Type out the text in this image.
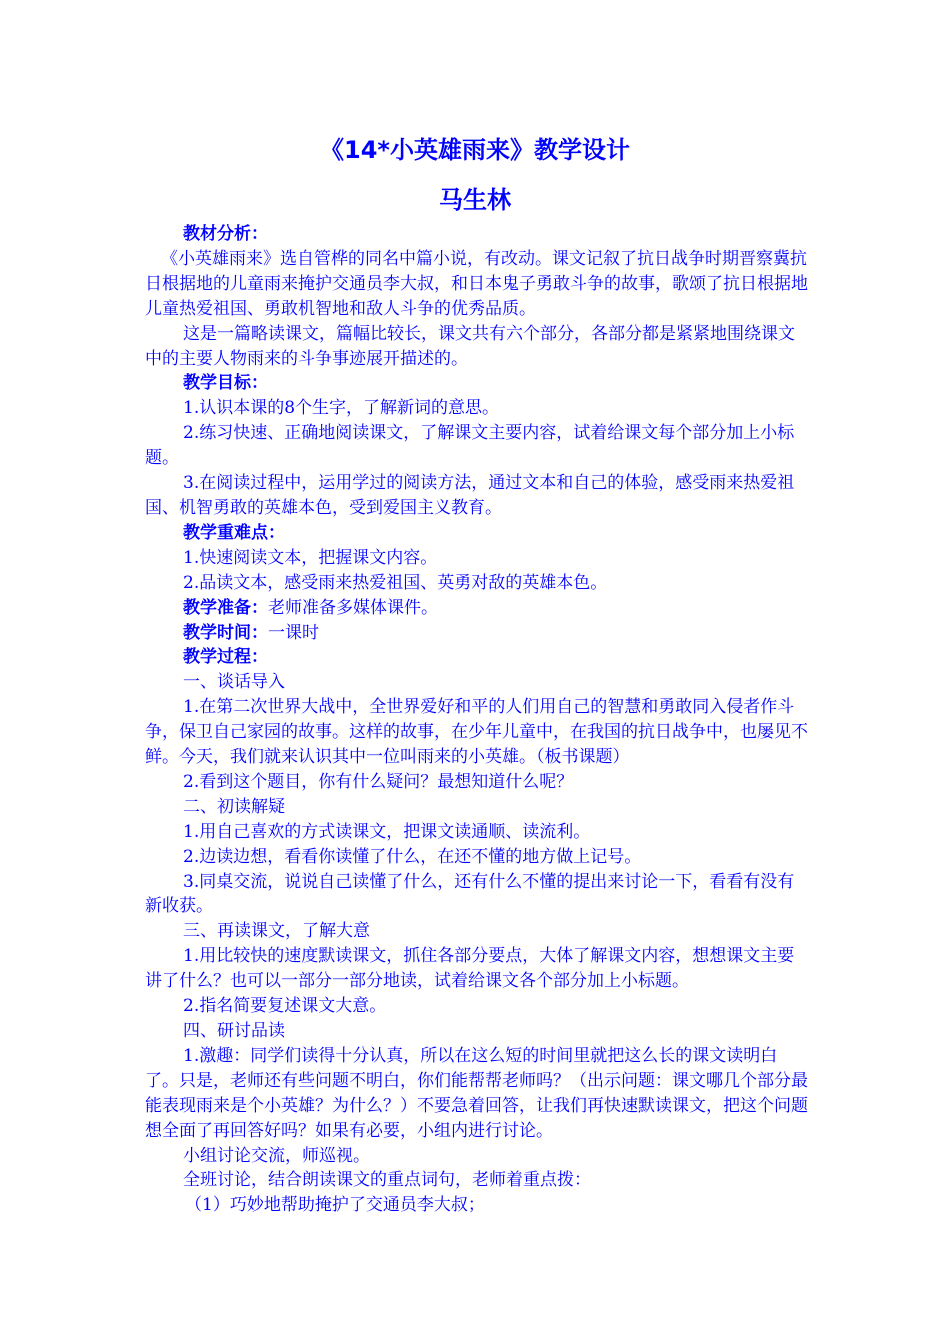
《14*小英雄雨来》教学设计
马生林

教材分析：

《小英雄雨来》选自管桦的同名中篇小说，有改动。课文记叙了抗日战争时期晋察冀抗日根据地的儿童雨来掩护交通员李大叔，和日本鬼子勇敢斗争的故事，歌颂了抗日根据地儿童热爱祖国、勇敢机智地和敌人斗争的优秀品质。

这是一篇略读课文，篇幅比较长，课文共有六个部分，各部分都是紧紧地围绕课文中的主要人物雨来的斗争事迹展开描述的。

教学目标：

1.认识本课的8个生字，了解新词的意思。

2.练习快速、正确地阅读课文，了解课文主要内容，试着给课文每个部分加上小标题。

3.在阅读过程中，运用学过的阅读方法，通过文本和自己的体验，感受雨来热爱祖国、机智勇敢的英雄本色，受到爱国主义教育。

教学重难点：

1.快速阅读文本，把握课文内容。

2.品读文本，感受雨来热爱祖国、英勇对敌的英雄本色。

教学准备：老师准备多媒体课件。

教学时间：一课时

教学过程：

一、谈话导入

1.在第二次世界大战中，全世界爱好和平的人们用自己的智慧和勇敢同入侵者作斗争，保卫自己家园的故事。这样的故事，在少年儿童中，在我国的抗日战争中，也屡见不鲜。今天，我们就来认识其中一位叫雨来的小英雄。（板书课题）

2.看到这个题目，你有什么疑问？最想知道什么呢？

二、初读解疑

1.用自己喜欢的方式读课文，把课文读通顺、读流利。

2.边读边想，看看你读懂了什么，在还不懂的地方做上记号。

3.同桌交流，说说自己读懂了什么，还有什么不懂的提出来讨论一下，看看有没有新收获。

三、再读课文，了解大意

1.用比较快的速度默读课文，抓住各部分要点，大体了解课文内容，想想课文主要讲了什么？也可以一部分一部分地读，试着给课文各个部分加上小标题。

2.指名简要复述课文大意。

四、研讨品读

1.激趣：同学们读得十分认真，所以在这么短的时间里就把这么长的课文读明白了。只是，老师还有些问题不明白，你们能帮帮老师吗？（出示问题：课文哪几个部分最能表现雨来是个小英雄？为什么？）不要急着回答，让我们再快速默读课文，把这个问题想全面了再回答好吗？如果有必要，小组内进行讨论。

小组讨论交流，师巡视。

全班讨论，结合朗读课文的重点词句，老师着重点拨：

（1）巧妙地帮助掩护了交通员李大叔；
